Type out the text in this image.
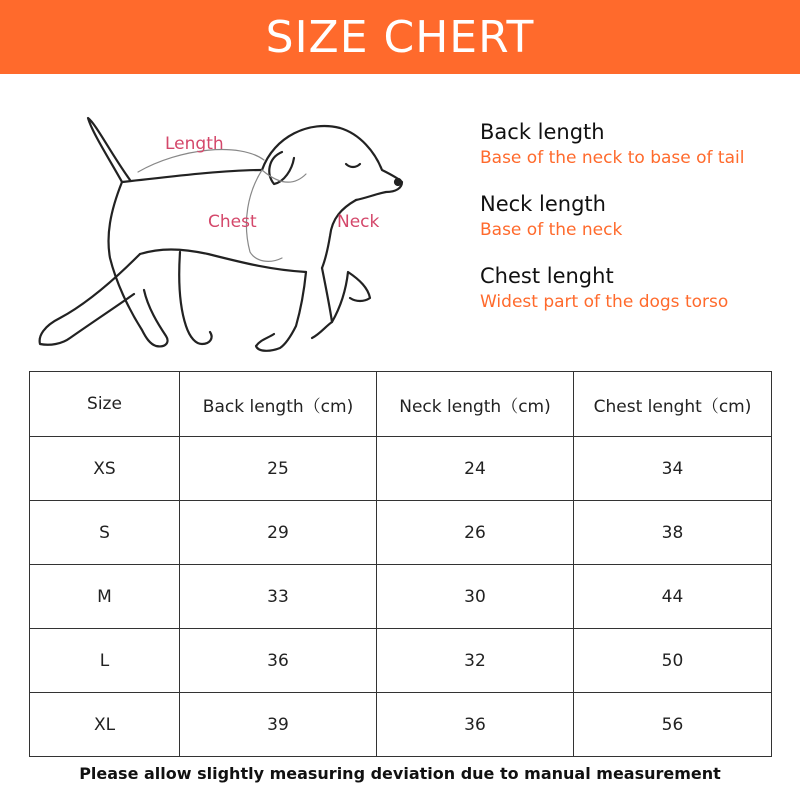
SIZE CHERT
Length
Chest	Neck
Back length
Base of the neck to base of tail
Neck length
Base of the neck
Chest lenght
Widest part of the dogs torso
Size	Back length（cm)	Neck length（cm)	Chest lenght（cm)
XS	25	24	34
S	29	26	38
M	33	30	44
L	36	32	50
XL	39	36	56
Please allow slightly measuring deviation due to manual measurement
